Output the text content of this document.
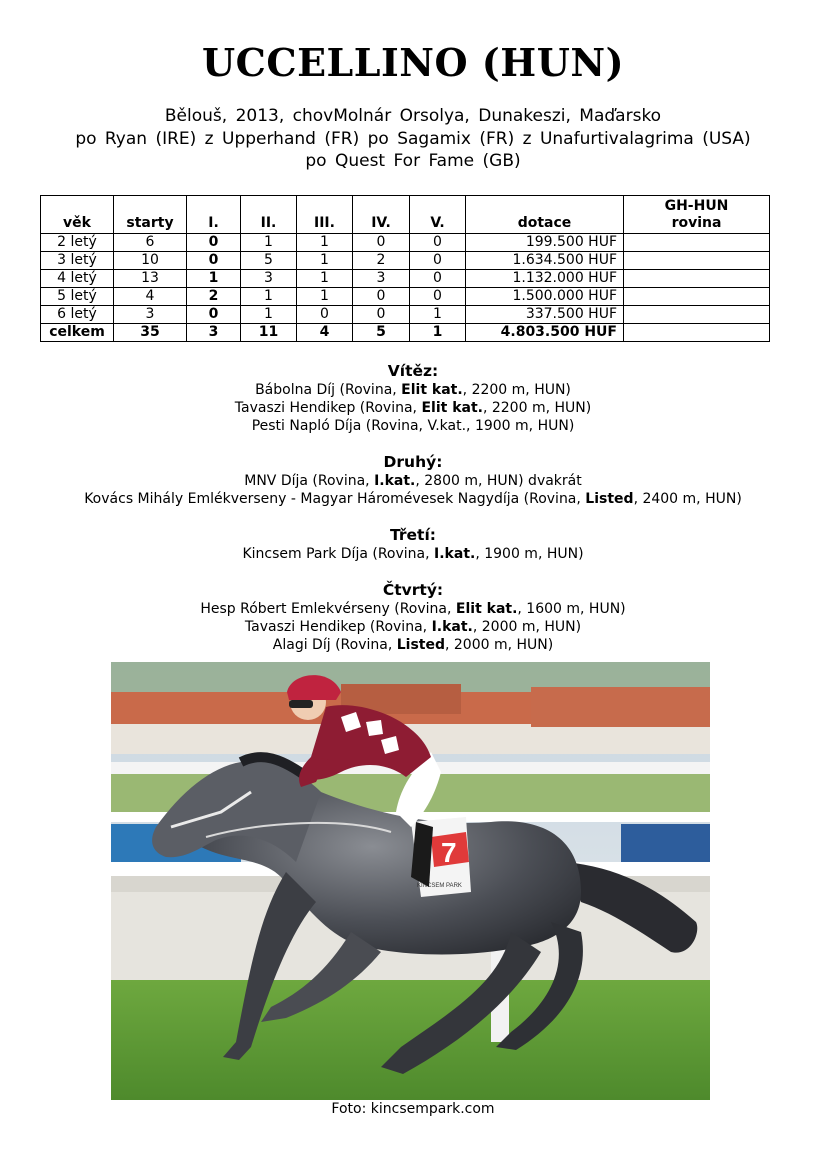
UCCELLINO (HUN)
Bělouš, 2013, chovMolnár Orsolya, Dunakeszi, Maďarsko
po Ryan (IRE) z Upperhand (FR) po Sagamix (FR) z Unafurtivalagrima (USA)
po Quest For Fame (GB)
věk	starty	I.	II.	III.	IV.	V.	dotace	GH-HUN
rovina
2 letý	6	0	1	1	0	0	199.500 HUF	
3 letý	10	0	5	1	2	0	1.634.500 HUF	
4 letý	13	1	3	1	3	0	1.132.000 HUF	
5 letý	4	2	1	1	0	0	1.500.000 HUF	
6 letý	3	0	1	0	0	1	337.500 HUF	
celkem	35	3	11	4	5	1	4.803.500 HUF	
Vítěz:
Bábolna Díj (Rovina, Elit kat., 2200 m, HUN)
Tavaszi Hendikep (Rovina, Elit kat., 2200 m, HUN)
Pesti Napló Díja (Rovina, V.kat., 1900 m, HUN)
Druhý:
MNV Díja (Rovina, I.kat., 2800 m, HUN) dvakrát
Kovács Mihály Emlékverseny - Magyar Háromévesek Nagydíja (Rovina, Listed, 2400 m, HUN)
Třetí:
Kincsem Park Díja (Rovina, I.kat., 1900 m, HUN)
Čtvrtý:
Hesp Róbert Emlekvérseny (Rovina, Elit kat., 1600 m, HUN)
Tavaszi Hendikep (Rovina, I.kat., 2000 m, HUN)
Alagi Díj (Rovina, Listed, 2000 m, HUN)
7
KINCSEM PARK
Foto: kincsempark.com
